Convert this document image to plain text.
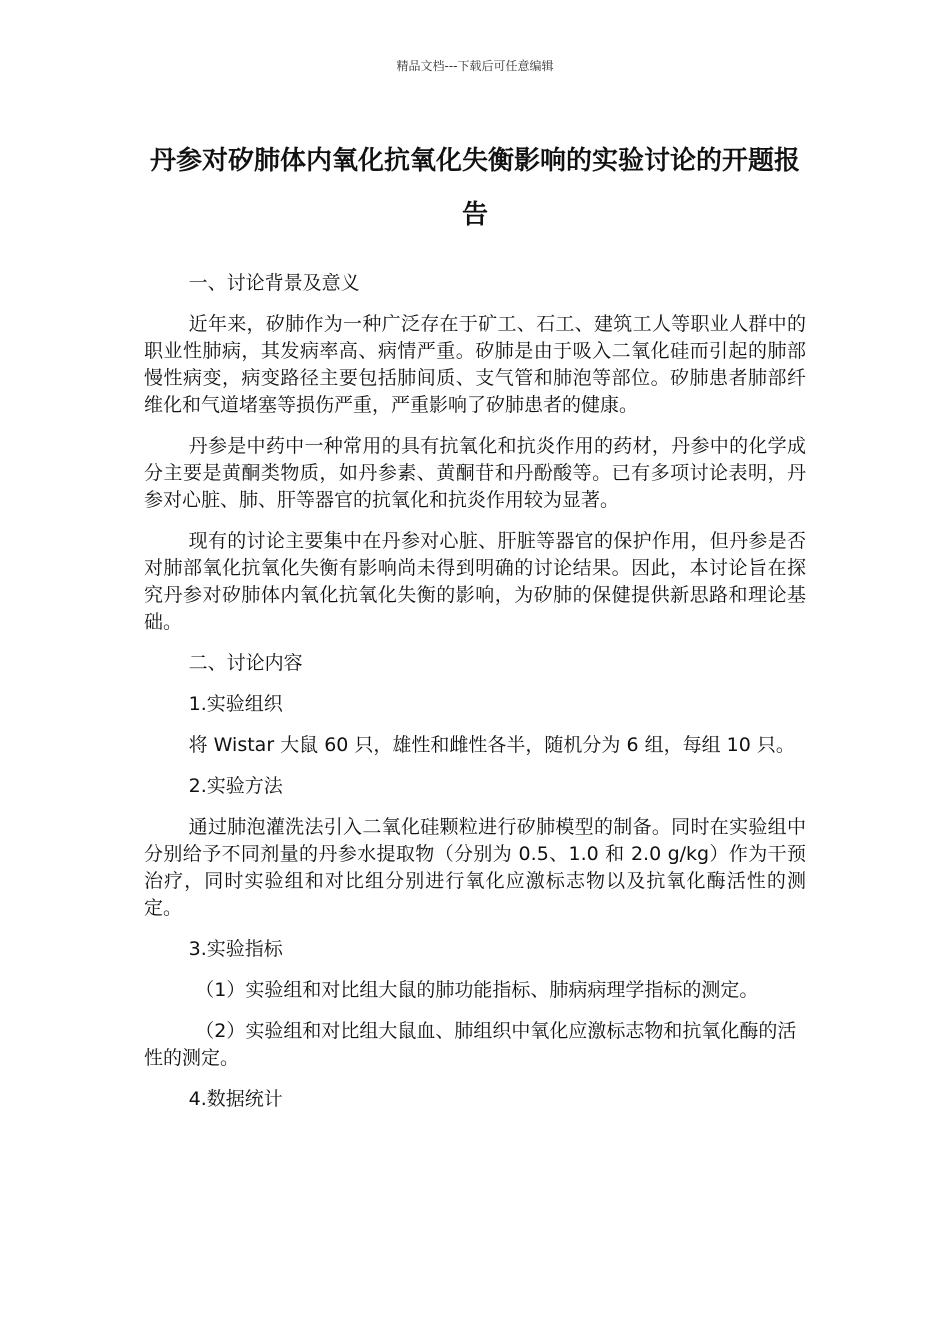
精品文档---下载后可任意编辑
丹参对矽肺体内氧化抗氧化失衡影响的实验讨论的开题报告

一、讨论背景及意义

近年来，矽肺作为一种广泛存在于矿工、石工、建筑工人等职业人群中的职业性肺病，其发病率高、病情严重。矽肺是由于吸入二氧化硅而引起的肺部慢性病变，病变路径主要包括肺间质、支气管和肺泡等部位。矽肺患者肺部纤维化和气道堵塞等损伤严重，严重影响了矽肺患者的健康。

丹参是中药中一种常用的具有抗氧化和抗炎作用的药材，丹参中的化学成分主要是黄酮类物质，如丹参素、黄酮苷和丹酚酸等。已有多项讨论表明，丹参对心脏、肺、肝等器官的抗氧化和抗炎作用较为显著。

现有的讨论主要集中在丹参对心脏、肝脏等器官的保护作用，但丹参是否对肺部氧化抗氧化失衡有影响尚未得到明确的讨论结果。因此，本讨论旨在探究丹参对矽肺体内氧化抗氧化失衡的影响，为矽肺的保健提供新思路和理论基础。

二、讨论内容

1.实验组织

将 Wistar 大鼠 60 只，雄性和雌性各半，随机分为 6 组，每组 10 只。

2.实验方法

通过肺泡灌洗法引入二氧化硅颗粒进行矽肺模型的制备。同时在实验组中分别给予不同剂量的丹参水提取物（分别为 0.5、1.0 和 2.0 g/kg）作为干预治疗，同时实验组和对比组分别进行氧化应激标志物以及抗氧化酶活性的测定。

3.实验指标

（1）实验组和对比组大鼠的肺功能指标、肺病病理学指标的测定。

（2）实验组和对比组大鼠血、肺组织中氧化应激标志物和抗氧化酶的活性的测定。

4.数据统计
